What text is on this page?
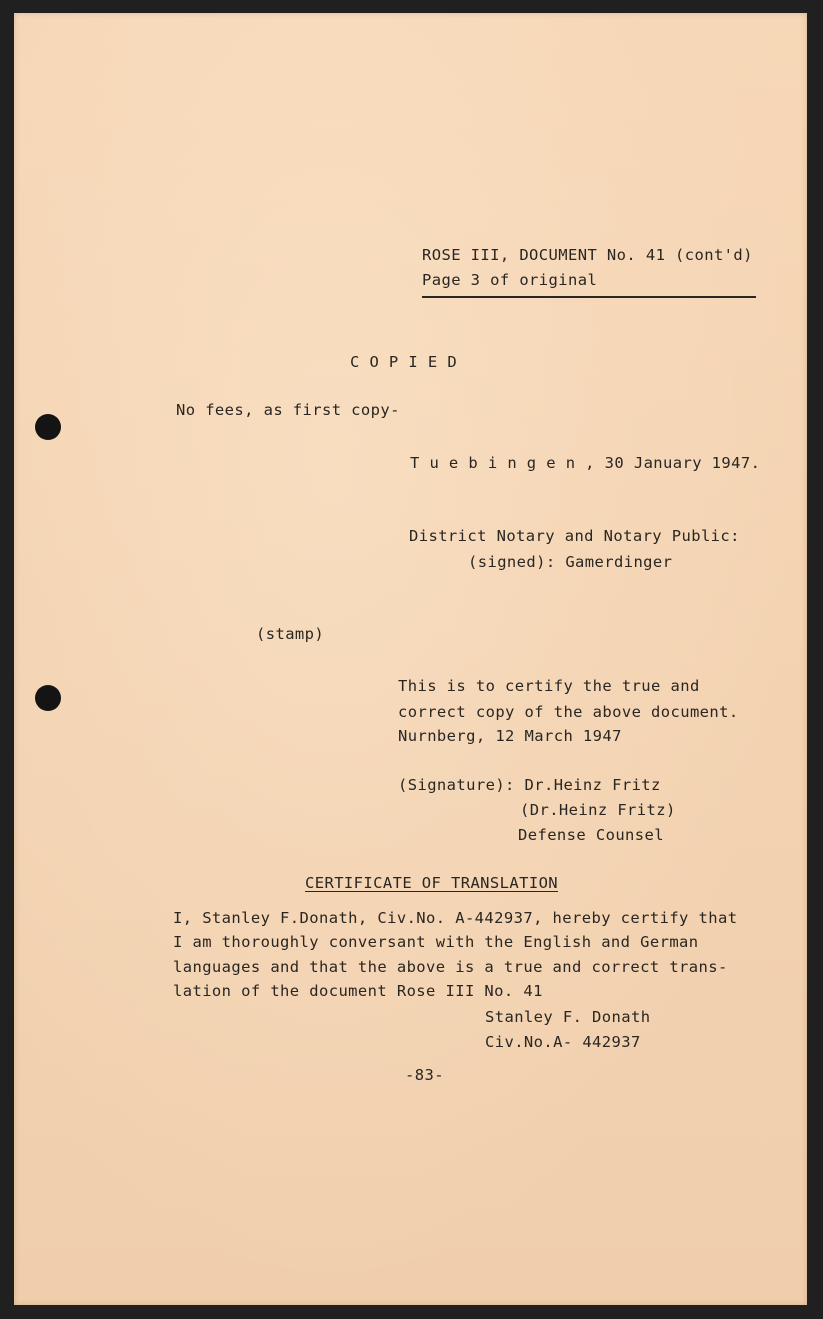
ROSE III, DOCUMENT No. 41 (cont'd)
Page 3 of original
C O P I E D
No fees, as first copy-
T u e b i n g e n , 30 January 1947.
District Notary and Notary Public:
(signed): Gamerdinger
(stamp)
This is to certify the true and
correct copy of the above document.
Nurnberg, 12 March 1947
(Signature): Dr.Heinz Fritz
(Dr.Heinz Fritz)
Defense Counsel
CERTIFICATE OF TRANSLATION
I, Stanley F.Donath, Civ.No. A-442937, hereby certify that
I am thoroughly conversant with the English and German
languages and that the above is a true and correct trans-
lation of the document Rose III No. 41
Stanley F. Donath
Civ.No.A- 442937
-83-
